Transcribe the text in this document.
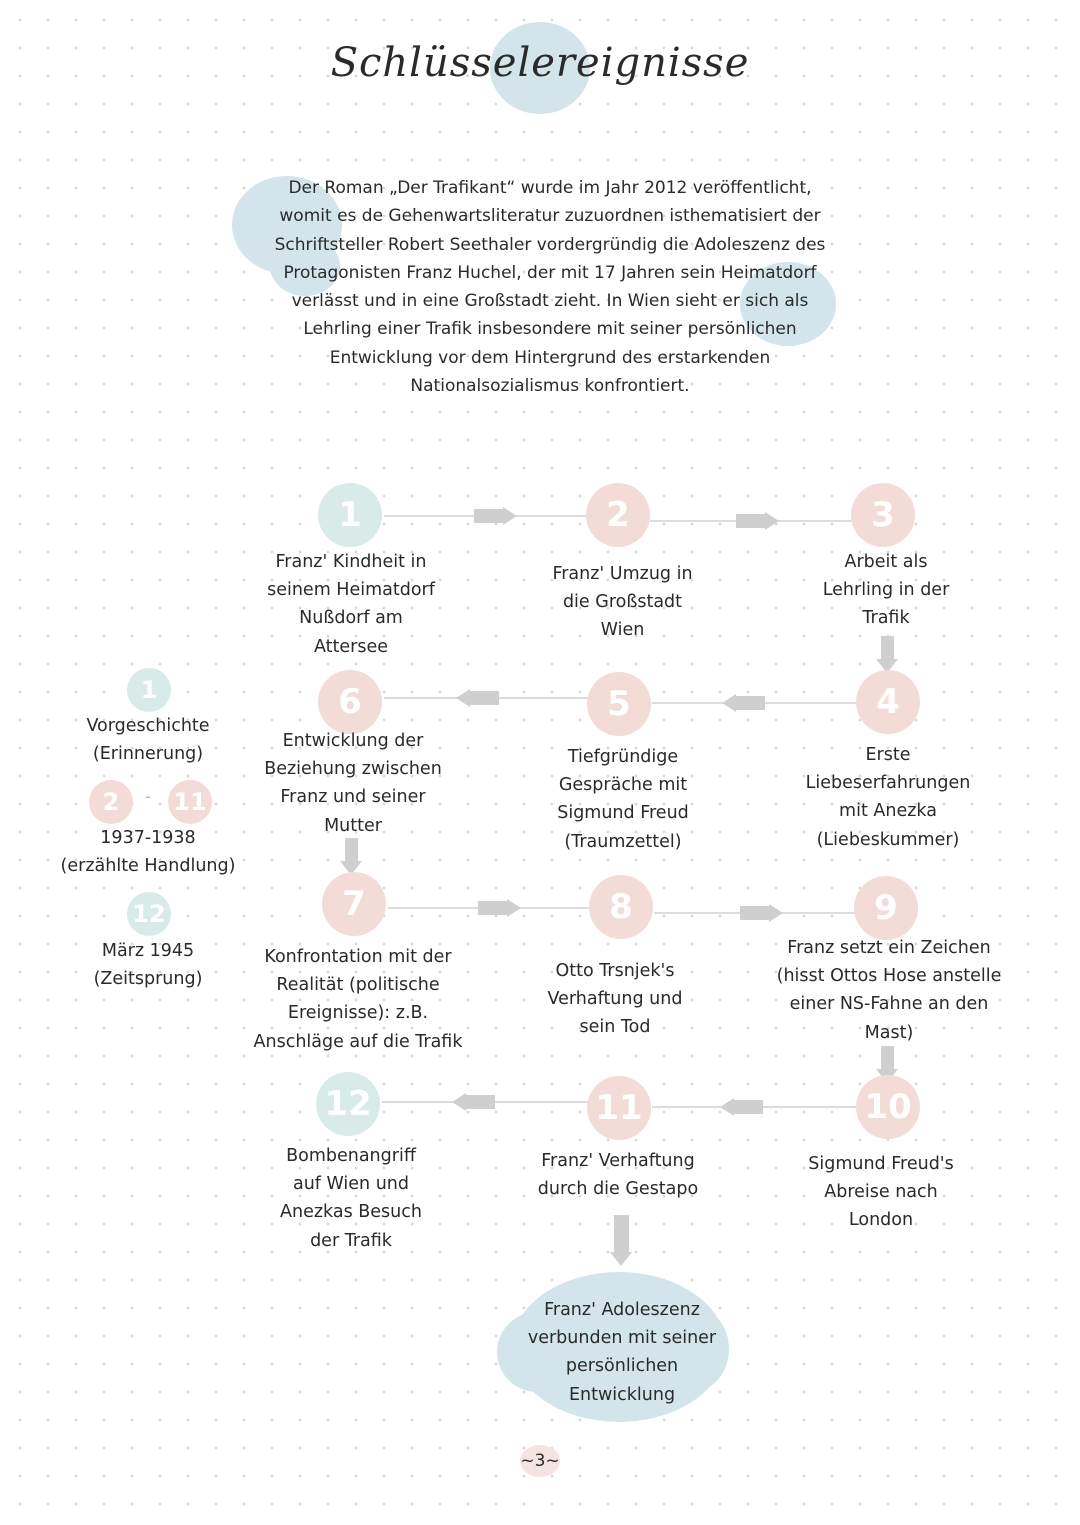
Schlüsselereignisse
Der Roman „Der Trafikant“ wurde im Jahr 2012 veröffentlicht, womit es de Gehenwartsliteratur zuzuordnen isthematisiert der Schriftsteller Robert Seethaler vordergründig die Adoleszenz des Protagonisten Franz Huchel, der mit 17 Jahren sein Heimatdorf verlässt und in eine Großstadt zieht. In Wien sieht er sich als Lehrling einer Trafik insbesondere mit seiner persönlichen Entwicklung vor dem Hintergrund des erstarkenden Nationalsozialismus konfrontiert.
1	2	3
4
5
6
7	8	9
10
11
12
Franz' Kindheit in seinem Heimatdorf Nußdorf am Attersee
Franz' Umzug in die Großstadt Wien
Arbeit als Lehrling in der Trafik
Erste Liebeserfahrungen mit Anezka (Liebeskummer)
Tiefgründige Gespräche mit Sigmund Freud (Traumzettel)
Entwicklung der Beziehung zwischen Franz und seiner Mutter
Konfrontation mit der Realität (politische Ereignisse): z.B. Anschläge auf die Trafik
Otto Trsnjek's Verhaftung und sein Tod
Franz setzt ein Zeichen (hisst Ottos Hose anstelle einer NS-Fahne an den Mast)
Sigmund Freud's Abreise nach London
Franz' Verhaftung durch die Gestapo
Bombenangriff auf Wien und Anezkas Besuch der Trafik
1
Vorgeschichte
(Erinnerung)
2	- 11
1937-1938
(erzählte Handlung)
12
März 1945
(Zeitsprung)
Franz' Adoleszenz verbunden mit seiner persönlichen Entwicklung
~3~
